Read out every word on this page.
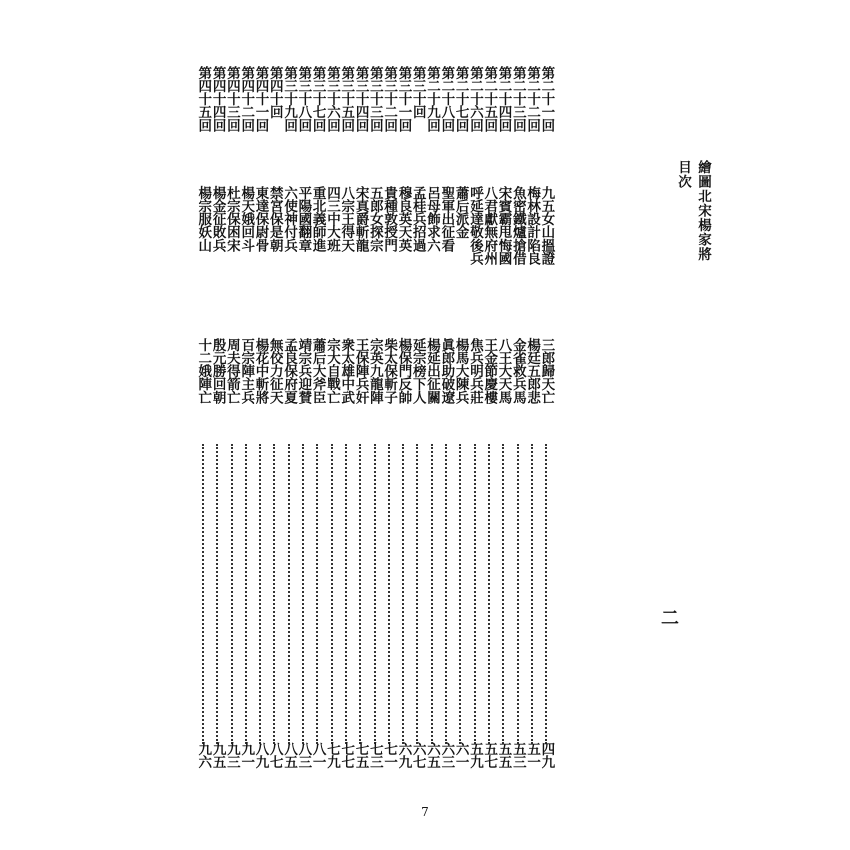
繪圖北宋楊家將
目次
二
第二十一回
第二十二回
第二十三回
第二十四回
第二十五回
第二十六回
第二十七回
第二十八回
第二十九回
第三十回
第三十一回
第三十二回
第三十三回
第三十四回
第三十五回
第三十六回
第三十七回
第三十八回
第三十九回
第四十回
第四十一回
第四十二回
第四十三回
第四十四回
第四十五回
九五女山搵證
梅林設計陷良
魚密鐵爐搶借
宋賓霸甩悔國
八君獻無府州
呼延達敬後兵
蕭后派金
聖軍出征看
呂母飾求六
孟桂兵招過
穆良英天英
貴種敦授門
五郎女探宗
宋真爵斬龍
八宗王得天
四三中大班
重北義師進
平陽國翻章
六使神付兵
禁宮保是朝
東達保尉骨
楊天娥回斗
杜宗保困宋
楊金征敗兵
楊宗服妖山
三郎歸天亡
楊廷五郎悲
金雀救兵馬
八王大天馬
王金節慶樓
焦兵明兵莊
楊馬大陳兵
眞郎助破遼
楊延出征關
延宗榜下人
楊保門反帥
柴太保斬子
宗英九龍陣
王保陣兵奸
衆太雄中武
宗大自戰亡
蕭后大斧臣
靖宗兵迎賛
孟良保府夏
無佼力征天
楊花中斬將
百宗陣主兵
周夫得箭亡
殷元勝回朝
十二娥陣亡
四九
五一
五三
五五
五七
五九
六一
六三
六五
六七
六九
七一
七三
七五
七七
七九
八一
八三
八五
八七
八九
九一
九三
九五
九六
7
